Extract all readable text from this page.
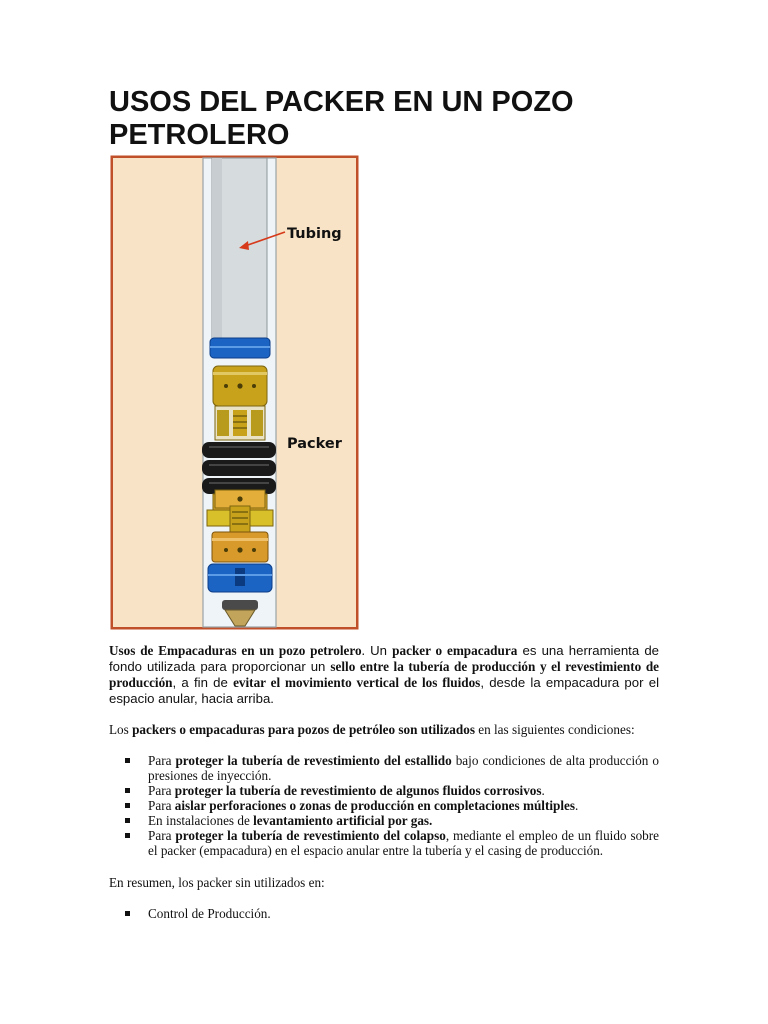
USOS DEL PACKER EN UN POZO PETROLERO
Tubing
Packer

Usos de Empacaduras en un pozo petrolero. Un packer o empacadura es una herramienta de fondo utilizada para proporcionar un sello entre la tubería de producción y el revestimiento de producción, a fin de evitar el movimiento vertical de los fluidos, desde la empacadura por el espacio anular, hacia arriba.

Los packers o empacaduras para pozos de petróleo son utilizados en las siguientes condiciones:

Para proteger la tubería de revestimiento del estallido bajo condiciones de alta producción o presiones de inyección.
Para proteger la tubería de revestimiento de algunos fluidos corrosivos.
Para aislar perforaciones o zonas de producción en completaciones múltiples.
En instalaciones de levantamiento artificial por gas.
Para proteger la tubería de revestimiento del colapso, mediante el empleo de un fluido sobre el packer (empacadura) en el espacio anular entre la tubería y el casing de producción.

En resumen, los packer sin utilizados en:

Control de Producción.
